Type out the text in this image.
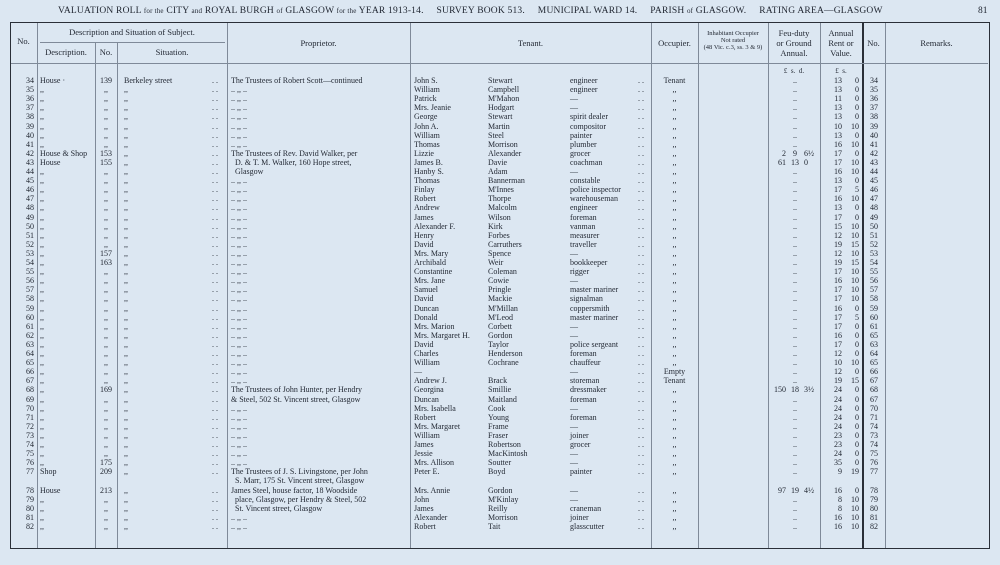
VALUATION ROLL for the CITY and ROYAL BURGH of GLASGOW for the YEAR 1913-14. SURVEY BOOK 513. MUNICIPAL WARD 14. PARISH of GLASGOW. RATING AREA—GLASGOW	81
No.
Description and Situation of Subject.
Description.	No.	Situation.
Proprietor.	Tenant.	Occupier.
Inhabitant Occupier
Not rated
(48 Vic. c.3, ss. 3 & 9)
Feu-duty
or Ground
Annual.
Annual
Rent or
Value.
No.	Remarks.
£  s.  d.	£  s.
34 House ·	139	Berkeley street	The Trustees of Robert Scott—continued	John S.	Stewart	engineer	Tenant	..	13	0	34
. .	. .
35 ,,	,,	,,	.. ,, ..	William	Campbell	engineer	,,	..	13	0	35
. .	. .
36 ,,	,,	,,	.. ,, ..	Patrick	M'Mahon	—	,,	..	11	0	36
. .	. .
37 ,,	,,	,,	.. ,, ..	Mrs. Jeanie	Hodgart	—	,,	..	13	0	37
. .	. .
38 ,,	,,	,,	.. ,, ..	George	Stewart	spirit dealer	,,	..	13	0	38
. .	. .
39 ,,	,,	,,	.. ,, ..	John A.	Martin	compositor	,,	..	10	10	39
. .	. .
40 ,,	,,	,,	.. ,, ..	William	Steel	painter	,,	..	13	0	40
. .	. .
41 ,,	,,	,,	.. ,, ..	Thomas	Morrison	plumber	,,	..	16	10	41
. .	. .
42 House & Shop	153	,,	The Trustees of Rev. David Walker, per	Lizzie	Alexander	grocer	,,	2 9 6½	17	0	42
. .	. .
43 House	155	,,	D. & T. M. Walker, 160 Hope street,	James B.	Davie	coachman	,,	61 13 0	17	10	43
. .	. .
44 ,,	,,	,,	Glasgow	Hanby S.	Adam	—	,,	..	16	10	44
. .	. .
45 ,,	,,	,,	.. ,, ..	Thomas	Bannerman	constable	,,	..	13	0	45
. .	. .
46 ,,	,,	,,	.. ,, ..	Finlay	M'Innes	police inspector	,,	..	17	5	46
. .	. .
47 ,,	,,	,,	.. ,, ..	Robert	Thorpe	warehouseman	,,	..	16	10	47
. .	. .
48 ,,	,,	,,	.. ,, ..	Andrew	Malcolm	engineer	,,	..	13	0	48
. .	. .
49 ,,	,,	,,	.. ,, ..	James	Wilson	foreman	,,	..	17	0	49
. .	. .
50 ,,	,,	,,	.. ,, ..	Alexander F.	Kirk	vanman	,,	..	15	10	50
. .	. .
51 ,,	,,	,,	.. ,, ..	Henry	Forbes	measurer	,,	..	12	10	51
. .	. .
52 ,,	,,	,,	.. ,, ..	David	Carruthers	traveller	,,	..	19	15	52
. .	. .
53 ,,	157	,,	.. ,, ..	Mrs. Mary	Spence	—	,,	..	12	10	53
. .	. .
54 ,,	163	,,	.. ,, ..	Archibald	Weir	bookkeeper	,,	..	19	15	54
. .	. .
55 ,,	,,	,,	.. ,, ..	Constantine	Coleman	rigger	,,	..	17	10	55
. .	. .
56 ,,	,,	,,	.. ,, ..	Mrs. Jane	Cowie	—	,,	..	16	10	56
. .	. .
57 ,,	,,	,,	.. ,, ..	Samuel	Pringle	master mariner	,,	..	17	10	57
. .	. .
58 ,,	,,	,,	.. ,, ..	David	Mackie	signalman	,,	..	17	10	58
. .	. .
59 ,,	,,	,,	.. ,, ..	Duncan	M'Millan	coppersmith	,,	..	16	0	59
. .	. .
60 ,,	,,	,,	.. ,, ..	Donald	M'Leod	master mariner	,,	..	17	5	60
. .	. .
61 ,,	,,	,,	.. ,, ..	Mrs. Marion	Corbett	—	,,	..	17	0	61
. .	. .
62 ,,	,,	,,	.. ,, ..	Mrs. Margaret H.	Gordon	—	,,	..	16	0	65
. .	. .
63 ,,	,,	,,	.. ,, ..	David	Taylor	police sergeant	,,	..	17	0	63
. .	. .
64 ,,	,,	,,	.. ,, ..	Charles	Henderson	foreman	,,	..	12	0	64
. .	. .
65 ,,	,,	,,	.. ,, ..	William	Cochrane	chauffeur	,,	..	10	10	65
. .	. .
66 ,,	,,	,,	.. ,, ..	—	—	Empty	..	12	0	66
. .	. .
67 ,,	,,	,,	.. ,, ..	Andrew J.	Brack	storeman	Tenant	..	19	15	67
. .	. .
68 ,,	169	,,	The Trustees of John Hunter, per Hendry	Georgina	Smillie	dressmaker	,,	150 18 3½	24	0	68
. .	. .
69 ,,	,,	,,	& Steel, 502 St. Vincent street, Glasgow	Duncan	Maitland	foreman	,,	..	24	0	67
. .	. .
70 ,,	,,	,,	.. ,, ..	Mrs. Isabella	Cook	—	,,	..	24	0	70
. .	. .
71 ,,	,,	,,	.. ,, ..	Robert	Young	foreman	,,	..	24	0	71
. .	. .
72 ,,	,,	,,	.. ,, ..	Mrs. Margaret	Frame	—	,,	..	24	0	74
. .	. .
73 ,,	,,	,,	.. ,, ..	William	Fraser	joiner	,,	..	23	0	73
. .	. .
74 ,,	,,	,,	.. ,, ..	James	Robertson	grocer	,,	..	23	0	74
. .	. .
75 ,,	,,	,,	.. ,, ..	Jessie	MacKintosh	—	,,	..	24	0	75
. .	. .
76 ,,	175	,,	.. ,, ..	Mrs. Allison	Soutter	—	,,	..	35	0	76
. .	. .
77 Shop	209	,,	The Trustees of J. S. Livingstone, per John	Peter E.	Boyd	painter	,,	..	9	19	77
. .	. .
S. Marr, 175 St. Vincent street, Glasgow
78 House	213	,,	James Steel, house factor, 18 Woodside	Mrs. Annie	Gordon	—	,,	97 19 4½	16	0	78
. .	. .
79 ,,	,,	,,	place, Glasgow, per Hendry & Steel, 502	John	M'Kinlay	—	,,	..	8	10	79
. .	. .
80 ,,	,,	,,	St. Vincent street, Glasgow	James	Reilly	craneman	,,	..	8	10	80
. .	. .
81 ,,	,,	,,	.. ,, ..	Alexander	Morrison	joiner	,,	..	16	10	81
. .	. .
82 ,,	,,	,,	.. ,, ..	Robert	Tait	glasscutter	,,	..	16	10	82
. .	. .
